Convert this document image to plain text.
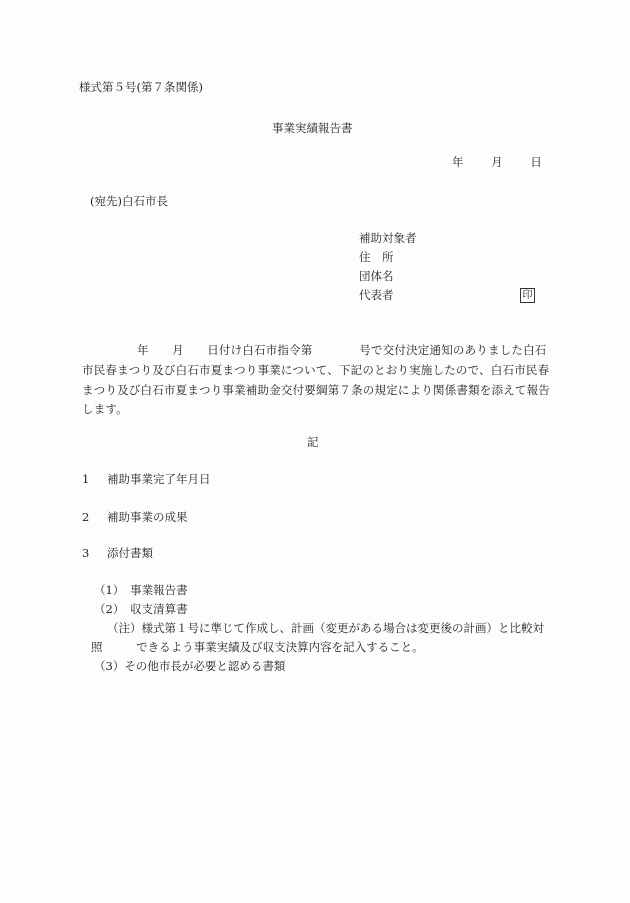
様式第５号(第７条関係)
事業実績報告書
年 月 日
(宛先)白石市長
補助対象者
住　所
団体名
代表者	印
年　　月　　日付け白石市指令第　　　　号で交付決定通知のありました白石
市民春まつり及び白石市夏まつり事業について、下記のとおり実施したので、白石市民春
まつり及び白石市夏まつり事業補助金交付要綱第７条の規定により関係書類を添えて報告
します。
記
1 補助事業完了年月日
2 補助事業の成果
3 添付書類
（1）　事業報告書
（2）　収支清算書
（注）様式第１号に準じて作成し、計画（変更がある場合は変更後の計画）と比較対
照	できるよう事業実績及び収支決算内容を記入すること。
（3）その他市長が必要と認める書類
